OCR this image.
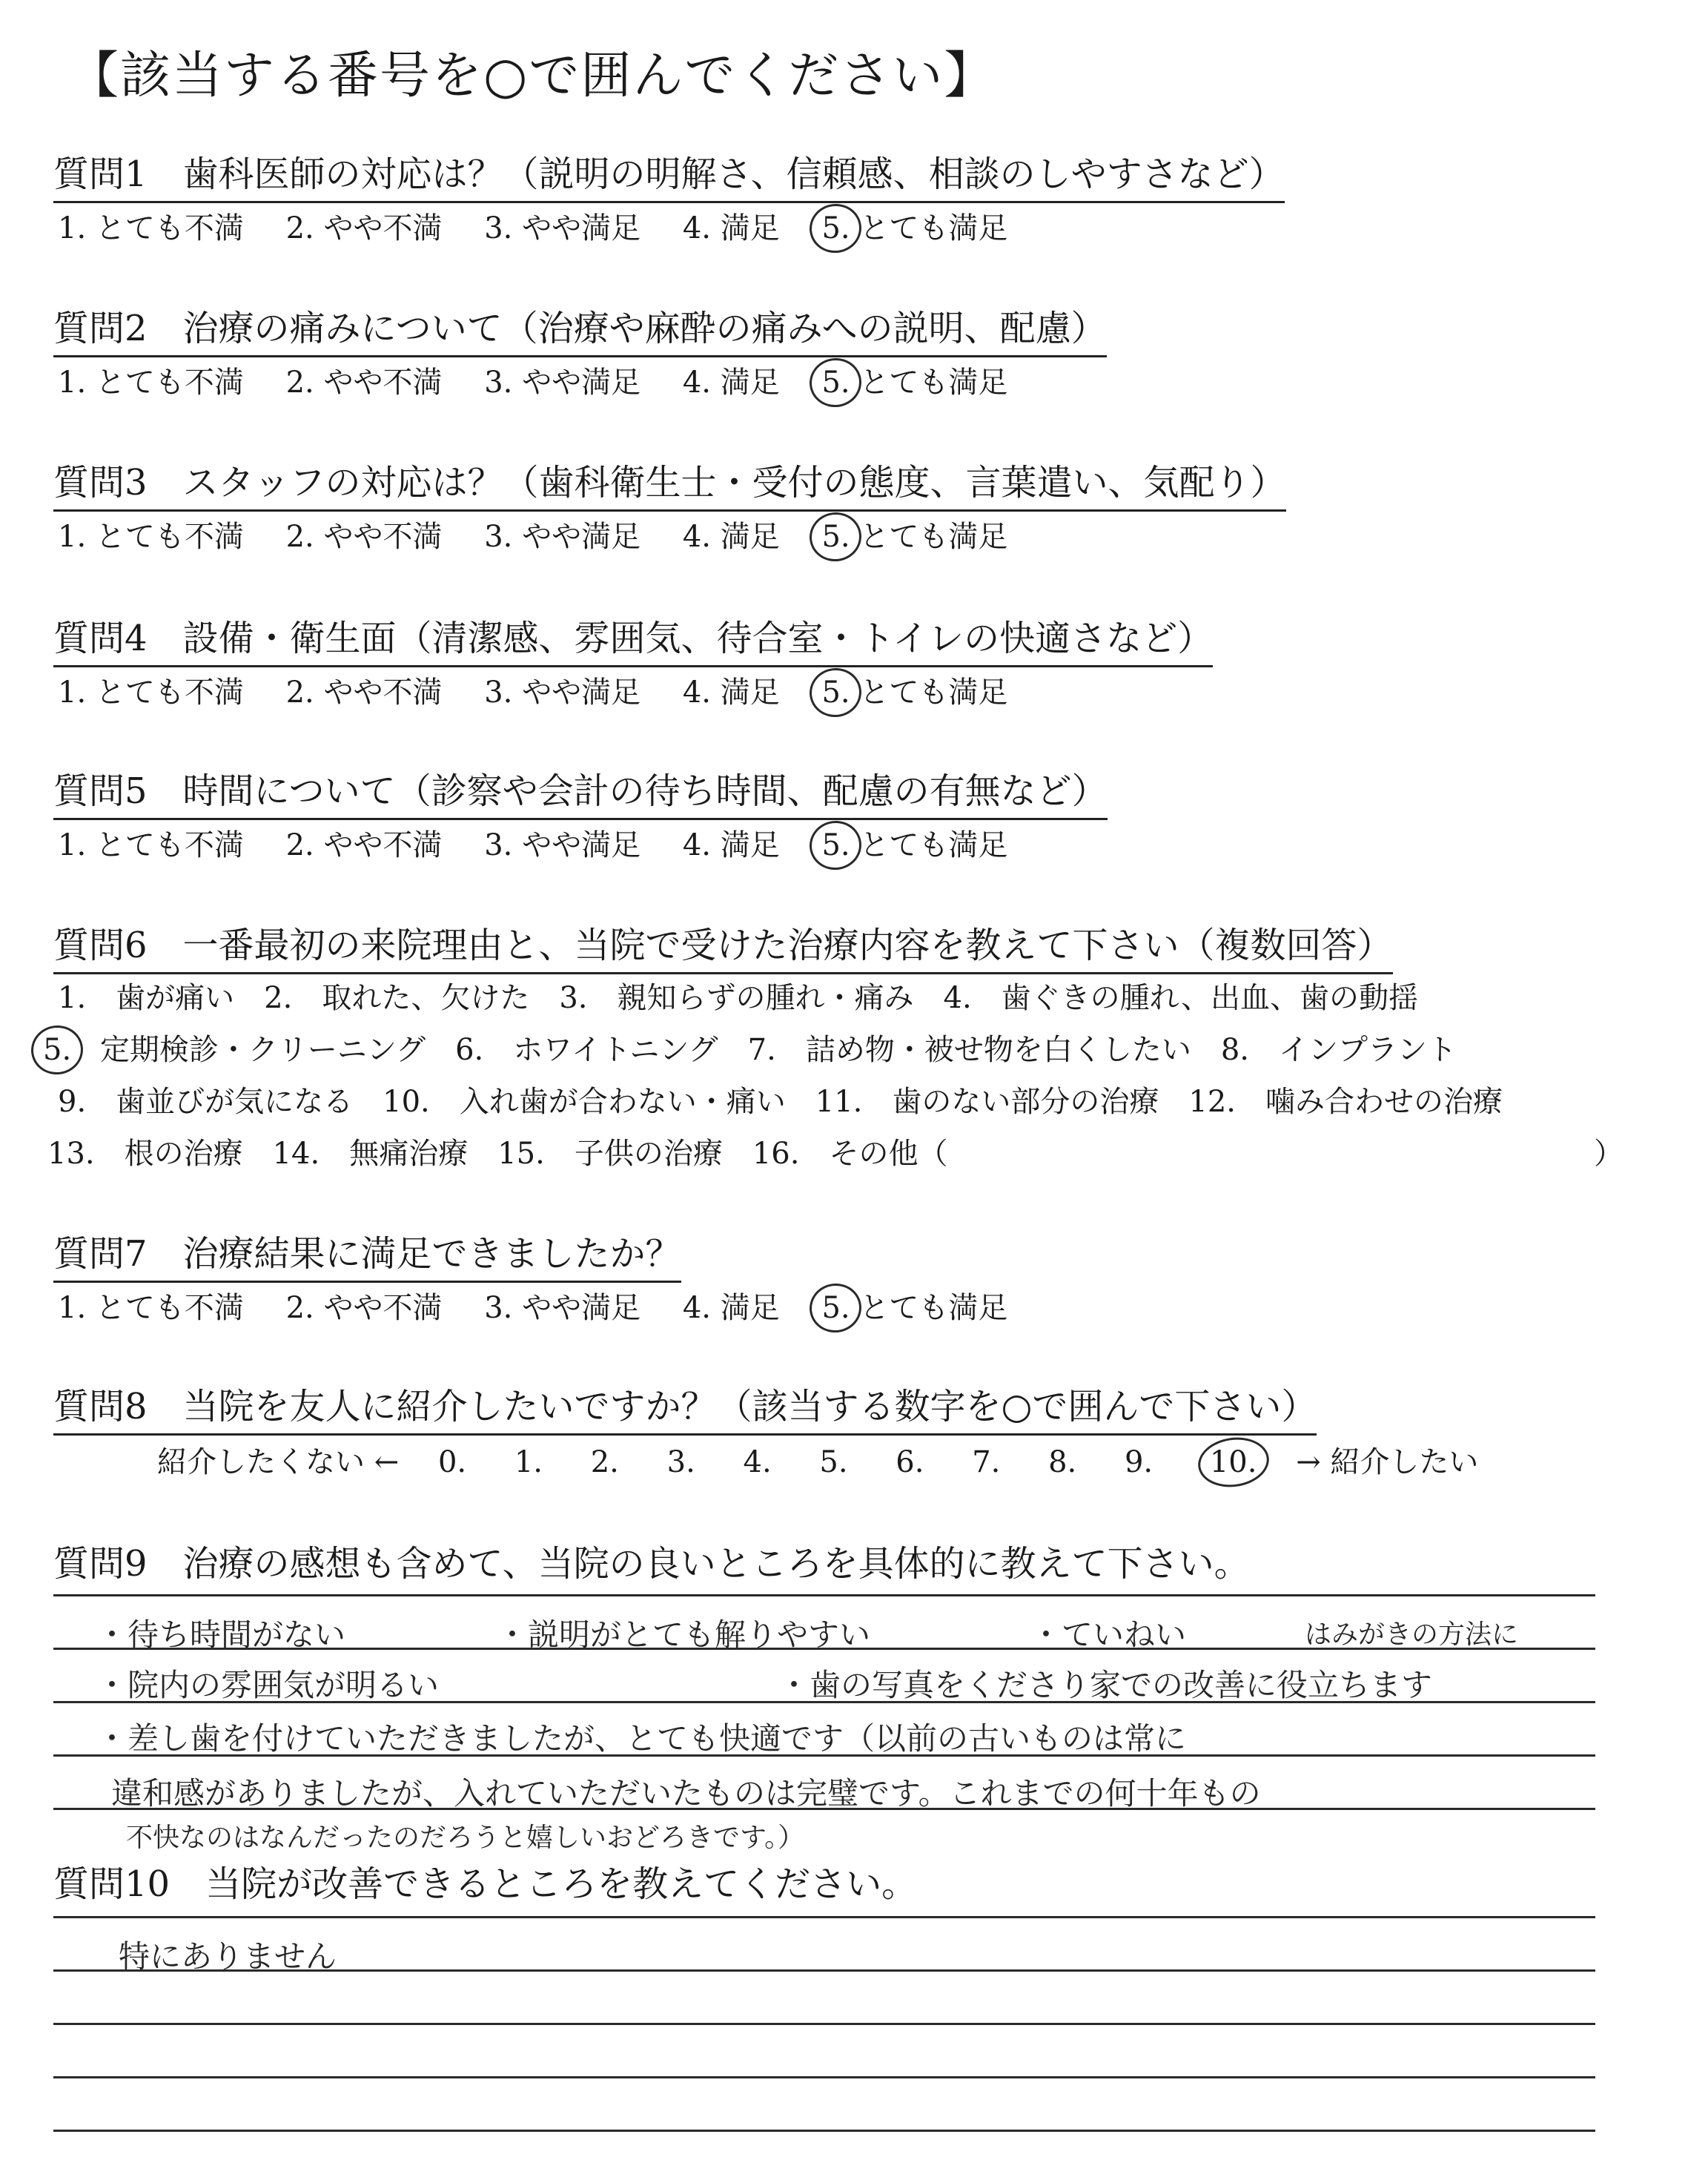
【該当する番号を○で囲んでください】
質問1　歯科医師の対応は？（説明の明解さ、信頼感、相談のしやすさなど）
1. とても不満 2. やや不満 3. やや満足 4. 満足 5. とても満足
質問2　治療の痛みについて（治療や麻酔の痛みへの説明、配慮）
1. とても不満 2. やや不満 3. やや満足 4. 満足 5. とても満足
質問3　スタッフの対応は？（歯科衛生士・受付の態度、言葉遣い、気配り）
1. とても不満 2. やや不満 3. やや満足 4. 満足 5. とても満足
質問4　設備・衛生面（清潔感、雰囲気、待合室・トイレの快適さなど）
1. とても不満 2. やや不満 3. やや満足 4. 満足 5. とても満足
質問5　時間について（診察や会計の待ち時間、配慮の有無など）
1. とても不満 2. やや不満 3. やや満足 4. 満足 5. とても満足
質問6　一番最初の来院理由と、当院で受けた治療内容を教えて下さい（複数回答）
1.　歯が痛い　2.　取れた、欠けた　3.　親知らずの腫れ・痛み　4.　歯ぐきの腫れ、出血、歯の動揺
5. 定期検診・クリーニング　6.　ホワイトニング　7.　詰め物・被せ物を白くしたい　8.　インプラント
9.　歯並びが気になる　10.　入れ歯が合わない・痛い　11.　歯のない部分の治療　12.　噛み合わせの治療
13.　根の治療　14.　無痛治療　15.　子供の治療　16.　その他（	）
質問7　治療結果に満足できましたか？
1. とても不満 2. やや不満 3. やや満足 4. 満足 5. とても満足
質問8　当院を友人に紹介したいですか？（該当する数字を○で囲んで下さい）
紹介したくない ← 0. 1. 2. 3. 4. 5. 6. 7. 8. 9. 10. → 紹介したい
質問9　治療の感想も含めて、当院の良いところを具体的に教えて下さい。
・待ち時間がない	・説明がとても解りやすい	・ていねい	はみがきの方法に
・院内の雰囲気が明るい	・歯の写真をくださり家での改善に役立ちます
・差し歯を付けていただきましたが、とても快適です（以前の古いものは常に
違和感がありましたが、入れていただいたものは完璧です。これまでの何十年もの
不快なのはなんだったのだろうと嬉しいおどろきです。）
質問10　当院が改善できるところを教えてください。
特にありません
